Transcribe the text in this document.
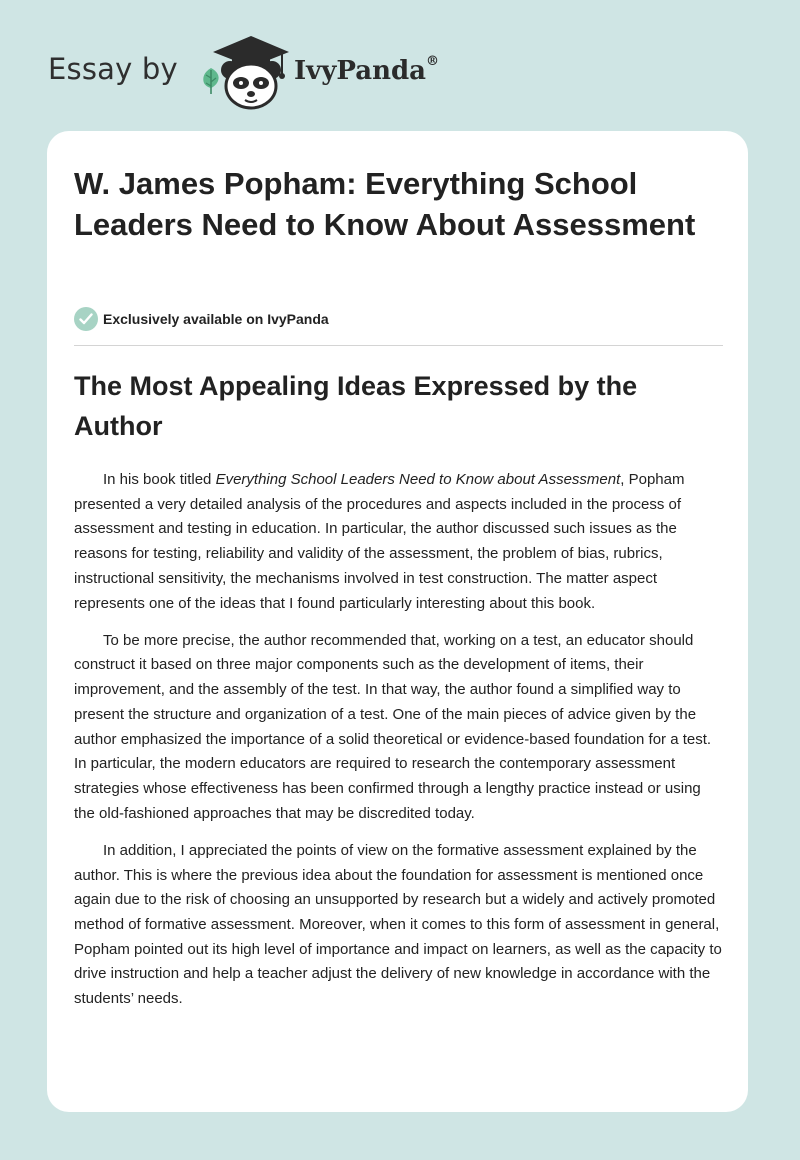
Essay by	IvyPanda®
W. James Popham: Everything School Leaders Need to Know About Assessment
Exclusively available on IvyPanda
The Most Appealing Ideas Expressed by the Author

In his book titled Everything School Leaders Need to Know about Assessment, Popham presented a very detailed analysis of the procedures and aspects included in the process of assessment and testing in education. In particular, the author discussed such issues as the reasons for testing, reliability and validity of the assessment, the problem of bias, rubrics, instructional sensitivity, the mechanisms involved in test construction. The matter aspect represents one of the ideas that I found particularly interesting about this book.

To be more precise, the author recommended that, working on a test, an educator should construct it based on three major components such as the development of items, their improvement, and the assembly of the test. In that way, the author found a simplified way to present the structure and organization of a test. One of the main pieces of advice given by the author emphasized the importance of a solid theoretical or evidence-based foundation for a test. In particular, the modern educators are required to research the contemporary assessment strategies whose effectiveness has been confirmed through a lengthy practice instead or using the old-fashioned approaches that may be discredited today.

In addition, I appreciated the points of view on the formative assessment explained by the author. This is where the previous idea about the foundation for assessment is mentioned once again due to the risk of choosing an unsupported by research but a widely and actively promoted method of formative assessment. Moreover, when it comes to this form of assessment in general, Popham pointed out its high level of importance and impact on learners, as well as the capacity to drive instruction and help a teacher adjust the delivery of new knowledge in accordance with the students’ needs.
